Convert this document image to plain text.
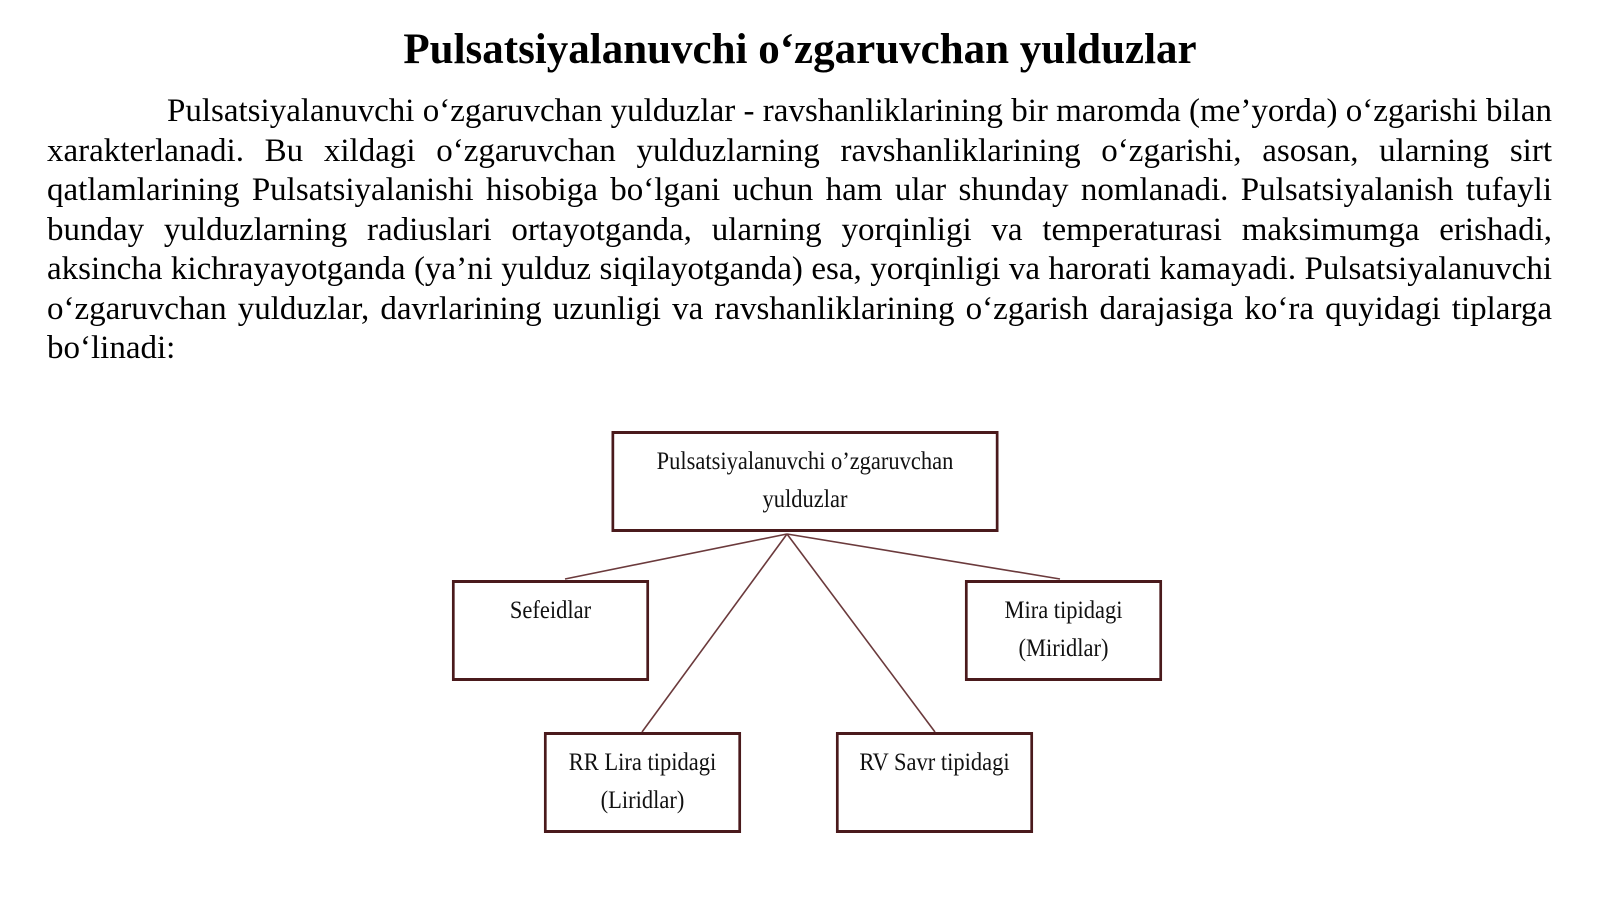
Pulsatsiyalanuvchi o‘zgaruvchan yulduzlar

Pulsatsiyalanuvchi o‘zgaruvchan yulduzlar - ravshanliklarining bir maromda (me’yorda) o‘zgarishi bilan xarakterlanadi. Bu xildagi o‘zgaruvchan yulduzlarning ravshanliklarining o‘zgarishi, asosan, ularning sirt qatlamlarining Pulsatsiyalanishi hisobiga bo‘lgani uchun ham ular shunday nomlanadi. Pulsatsiyalanish tufayli bunday yulduzlarning radiuslari ortayotganda, ularning yorqinligi va temperaturasi maksimumga erishadi, aksincha kichrayayotganda (ya’ni yulduz siqilayotganda) esa, yorqinligi va harorati kamayadi. Pulsatsiyalanuvchi o‘zgaruvchan yulduzlar, davrlarining uzunligi va ravshanliklarining o‘zgarish darajasiga ko‘ra quyidagi tiplarga bo‘linadi:

Pulsatsiyalanuvchi o’zgaruvchan
yulduzlar
Sefeidlar	Mira tipidagi
(Miridlar)
RR Lira tipidagi
(Liridlar)
RV Savr tipidagi
